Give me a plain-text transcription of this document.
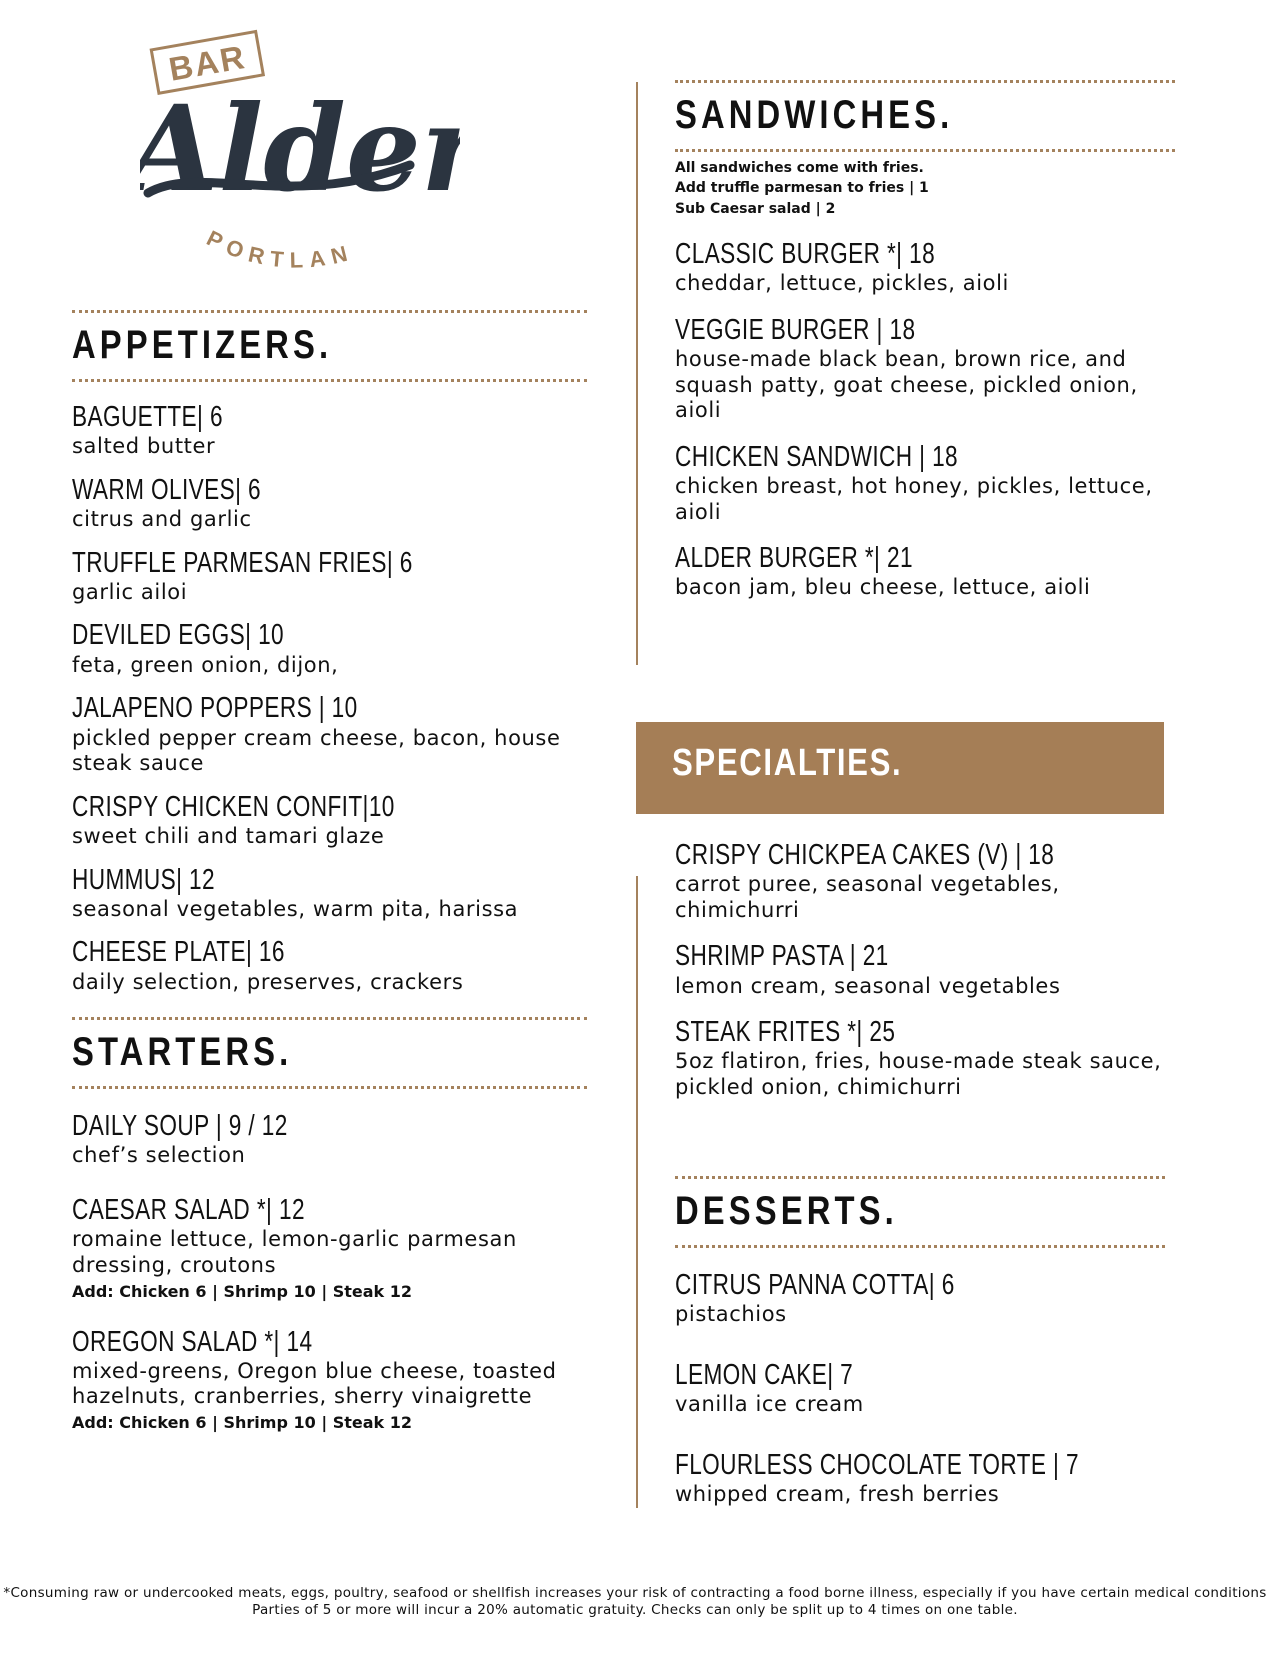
BAR
Alde
PORTLAN
APPETIZERS.
BAGUETTE| 6
salted butter
WARM OLIVES| 6
citrus and garlic
TRUFFLE PARMESAN FRIES| 6
garlic ailoi
DEVILED EGGS| 10
feta, green onion, dijon,
JALAPENO POPPERS | 10
pickled pepper cream cheese, bacon, house steak sauce
CRISPY CHICKEN CONFIT|10
sweet chili and tamari glaze
HUMMUS| 12
seasonal vegetables, warm pita, harissa
CHEESE PLATE| 16
daily selection, preserves, crackers
STARTERS.
DAILY SOUP | 9 / 12
chef’s selection
CAESAR SALAD *| 12
romaine lettuce, lemon-garlic parmesan dressing, croutons
Add: Chicken 6 | Shrimp 10 | Steak 12
OREGON SALAD *| 14
mixed-greens, Oregon blue cheese, toasted hazelnuts, cranberries, sherry vinaigrette
Add: Chicken 6 | Shrimp 10 | Steak 12
SANDWICHES.
All sandwiches come with fries.
Add truffle parmesan to fries | 1
Sub Caesar salad | 2
CLASSIC BURGER *| 18
cheddar, lettuce, pickles, aioli
VEGGIE BURGER | 18
house-made black bean, brown rice, and squash patty, goat cheese, pickled onion, aioli
CHICKEN SANDWICH | 18
chicken breast, hot honey, pickles, lettuce, aioli
ALDER BURGER *| 21
bacon jam, bleu cheese, lettuce, aioli
SPECIALTIES.
CRISPY CHICKPEA CAKES (V) | 18
carrot puree, seasonal vegetables, chimichurri
SHRIMP PASTA | 21
lemon cream, seasonal vegetables
STEAK FRITES *| 25
5oz flatiron, fries, house-made steak sauce, pickled onion, chimichurri
DESSERTS.
CITRUS PANNA COTTA| 6
pistachios
LEMON CAKE| 7
vanilla ice cream
FLOURLESS CHOCOLATE TORTE | 7
whipped cream, fresh berries
*Consuming raw or undercooked meats, eggs, poultry, seafood or shellfish increases your risk of contracting a food borne illness, especially if you have certain medical conditions
Parties of 5 or more will incur a 20% automatic gratuity. Checks can only be split up to 4 times on one table.
